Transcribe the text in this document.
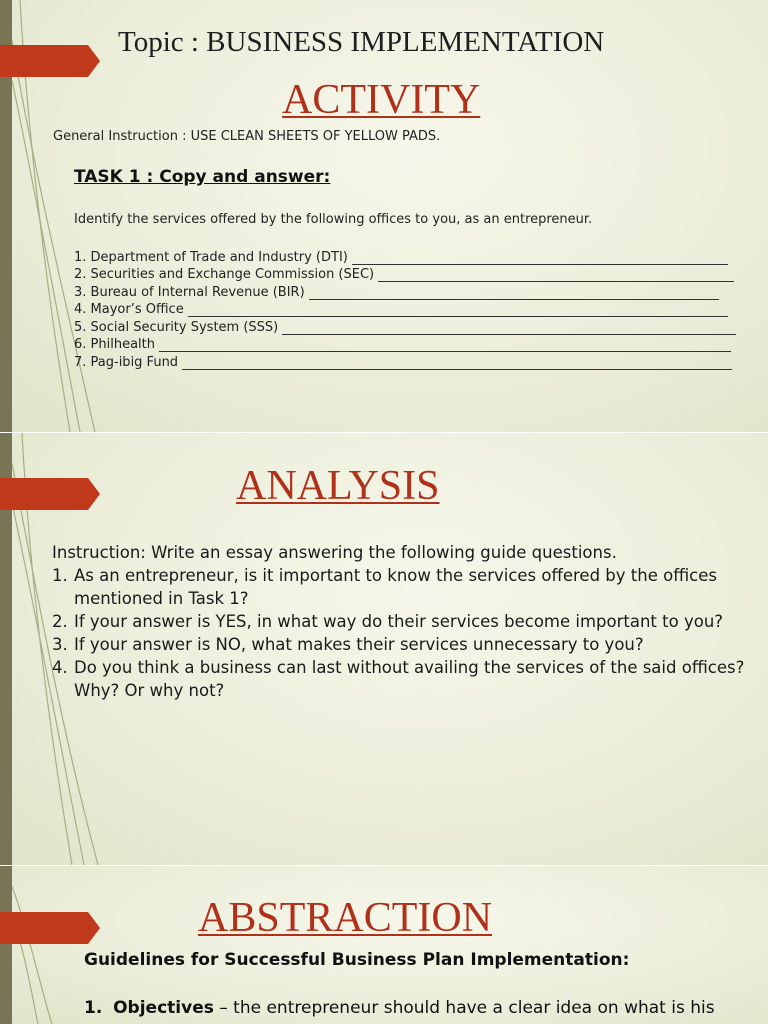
Topic : BUSINESS IMPLEMENTATION
ACTIVITY
General Instruction : USE CLEAN SHEETS OF YELLOW PADS.
TASK 1 : Copy and answer:
Identify the services offered by the following offices to you, as an entrepreneur.
1. Department of Trade and Industry (DTI)
2. Securities and Exchange Commission (SEC)
3. Bureau of Internal Revenue (BIR)
4. Mayor’s Office
5. Social Security System (SSS)
6. Philhealth
7. Pag-ibig Fund
ANALYSIS
Instruction: Write an essay answering the following guide questions.
1. As an entrepreneur, is it important to know the services offered by the offices mentioned in Task 1?
2. If your answer is YES, in what way do their services become important to you?
3. If your answer is NO, what makes their services unnecessary to you?
4. Do you think a business can last without availing the services of the said offices? Why? Or why not?
ABSTRACTION
Guidelines for Successful Business Plan Implementation:
1. Objectives – the entrepreneur should have a clear idea on what is his
